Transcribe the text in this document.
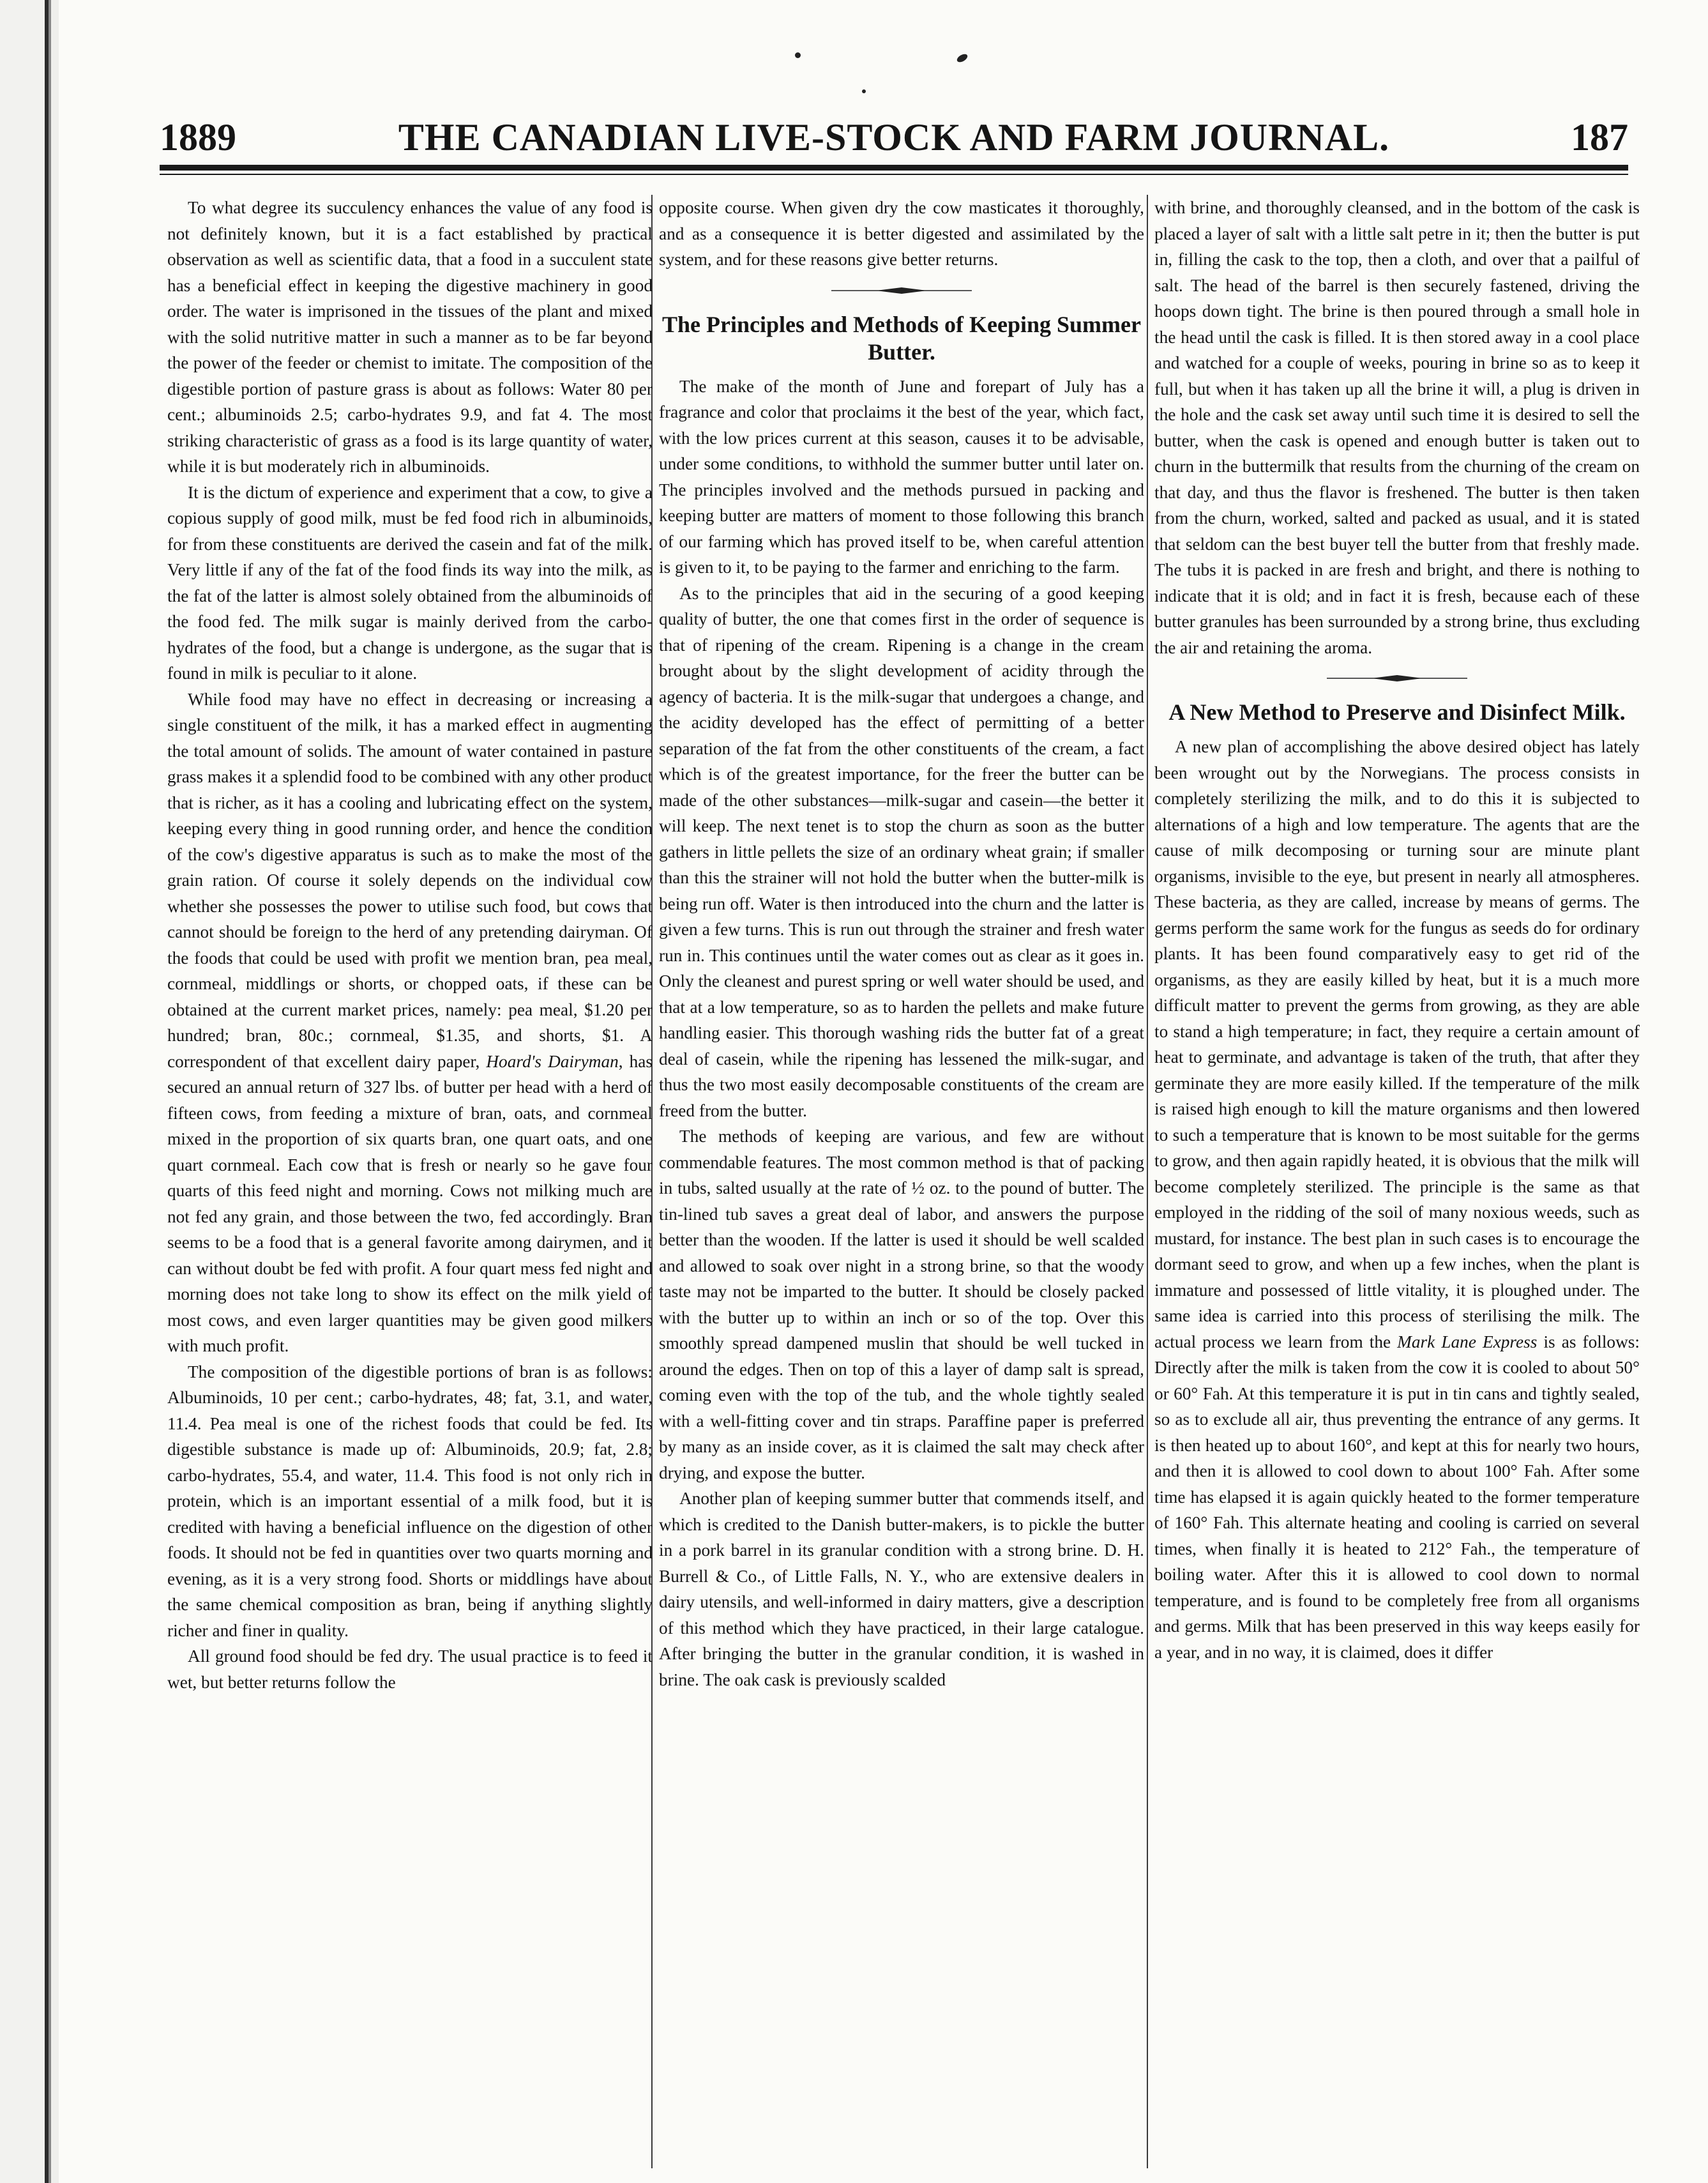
1889	THE CANADIAN LIVE-STOCK AND FARM JOURNAL.	187

To what degree its succulency enhances the value of any food is not definitely known, but it is a fact established by practical observation as well as scientific data, that a food in a succulent state has a beneficial effect in keeping the digestive machinery in good order. The water is imprisoned in the tissues of the plant and mixed with the solid nutritive matter in such a manner as to be far beyond the power of the feeder or chemist to imitate. The composition of the digestible portion of pasture grass is about as follows: Water 80 per cent.; albuminoids 2.5; carbo-hydrates 9.9, and fat 4. The most striking characteristic of grass as a food is its large quantity of water, while it is but moderately rich in albuminoids.

It is the dictum of experience and experiment that a cow, to give a copious supply of good milk, must be fed food rich in albuminoids, for from these constituents are derived the casein and fat of the milk. Very little if any of the fat of the food finds its way into the milk, as the fat of the latter is almost solely obtained from the albuminoids of the food fed. The milk sugar is mainly derived from the carbo-hydrates of the food, but a change is undergone, as the sugar that is found in milk is peculiar to it alone.

While food may have no effect in decreasing or increasing a single constituent of the milk, it has a marked effect in augmenting the total amount of solids. The amount of water contained in pasture grass makes it a splendid food to be combined with any other product that is richer, as it has a cooling and lubricating effect on the system, keeping every thing in good running order, and hence the condition of the cow's digestive apparatus is such as to make the most of the grain ration. Of course it solely depends on the individual cow whether she possesses the power to utilise such food, but cows that cannot should be foreign to the herd of any pretending dairyman. Of the foods that could be used with profit we mention bran, pea meal, cornmeal, middlings or shorts, or chopped oats, if these can be obtained at the current market prices, namely: pea meal, $1.20 per hundred; bran, 80c.; cornmeal, $1.35, and shorts, $1. A correspondent of that excellent dairy paper, Hoard's Dairyman, has secured an annual return of 327 lbs. of butter per head with a herd of fifteen cows, from feeding a mixture of bran, oats, and cornmeal mixed in the proportion of six quarts bran, one quart oats, and one quart cornmeal. Each cow that is fresh or nearly so he gave four quarts of this feed night and morning. Cows not milking much are not fed any grain, and those between the two, fed accordingly. Bran seems to be a food that is a general favorite among dairymen, and it can without doubt be fed with profit. A four quart mess fed night and morning does not take long to show its effect on the milk yield of most cows, and even larger quantities may be given good milkers with much profit.

The composition of the digestible portions of bran is as follows: Albuminoids, 10 per cent.; carbo-hydrates, 48; fat, 3.1, and water, 11.4. Pea meal is one of the richest foods that could be fed. Its digestible substance is made up of: Albuminoids, 20.9; fat, 2.8; carbo-hydrates, 55.4, and water, 11.4. This food is not only rich in protein, which is an important essential of a milk food, but it is credited with having a beneficial influence on the digestion of other foods. It should not be fed in quantities over two quarts morning and evening, as it is a very strong food. Shorts or middlings have about the same chemical composition as bran, being if anything slightly richer and finer in quality.

All ground food should be fed dry. The usual practice is to feed it wet, but better returns follow the

opposite course. When given dry the cow masticates it thoroughly, and as a consequence it is better digested and assimilated by the system, and for these reasons give better returns.

The Principles and Methods of Keeping Summer Butter.

The make of the month of June and forepart of July has a fragrance and color that proclaims it the best of the year, which fact, with the low prices current at this season, causes it to be advisable, under some conditions, to withhold the summer butter until later on. The principles involved and the methods pursued in packing and keeping butter are matters of moment to those following this branch of our farming which has proved itself to be, when careful attention is given to it, to be paying to the farmer and enriching to the farm.

As to the principles that aid in the securing of a good keeping quality of butter, the one that comes first in the order of sequence is that of ripening of the cream. Ripening is a change in the cream brought about by the slight development of acidity through the agency of bacteria. It is the milk-sugar that undergoes a change, and the acidity developed has the effect of permitting of a better separation of the fat from the other constituents of the cream, a fact which is of the greatest importance, for the freer the butter can be made of the other substances—milk-sugar and casein—the better it will keep. The next tenet is to stop the churn as soon as the butter gathers in little pellets the size of an ordinary wheat grain; if smaller than this the strainer will not hold the butter when the butter-milk is being run off. Water is then introduced into the churn and the latter is given a few turns. This is run out through the strainer and fresh water run in. This continues until the water comes out as clear as it goes in. Only the cleanest and purest spring or well water should be used, and that at a low temperature, so as to harden the pellets and make future handling easier. This thorough washing rids the butter fat of a great deal of casein, while the ripening has lessened the milk-sugar, and thus the two most easily decomposable constituents of the cream are freed from the butter.

The methods of keeping are various, and few are without commendable features. The most common method is that of packing in tubs, salted usually at the rate of ½ oz. to the pound of butter. The tin-lined tub saves a great deal of labor, and answers the purpose better than the wooden. If the latter is used it should be well scalded and allowed to soak over night in a strong brine, so that the woody taste may not be imparted to the butter. It should be closely packed with the butter up to within an inch or so of the top. Over this smoothly spread dampened muslin that should be well tucked in around the edges. Then on top of this a layer of damp salt is spread, coming even with the top of the tub, and the whole tightly sealed with a well-fitting cover and tin straps. Paraffine paper is preferred by many as an inside cover, as it is claimed the salt may check after drying, and expose the butter.

Another plan of keeping summer butter that commends itself, and which is credited to the Danish butter-makers, is to pickle the butter in a pork barrel in its granular condition with a strong brine. D. H. Burrell & Co., of Little Falls, N. Y., who are extensive dealers in dairy utensils, and well-informed in dairy matters, give a description of this method which they have practiced, in their large catalogue. After bringing the butter in the granular condition, it is washed in brine. The oak cask is previously scalded

with brine, and thoroughly cleansed, and in the bottom of the cask is placed a layer of salt with a little salt petre in it; then the butter is put in, filling the cask to the top, then a cloth, and over that a pailful of salt. The head of the barrel is then securely fastened, driving the hoops down tight. The brine is then poured through a small hole in the head until the cask is filled. It is then stored away in a cool place and watched for a couple of weeks, pouring in brine so as to keep it full, but when it has taken up all the brine it will, a plug is driven in the hole and the cask set away until such time it is desired to sell the butter, when the cask is opened and enough butter is taken out to churn in the buttermilk that results from the churning of the cream on that day, and thus the flavor is freshened. The butter is then taken from the churn, worked, salted and packed as usual, and it is stated that seldom can the best buyer tell the butter from that freshly made. The tubs it is packed in are fresh and bright, and there is nothing to indicate that it is old; and in fact it is fresh, because each of these butter granules has been surrounded by a strong brine, thus excluding the air and retaining the aroma.

A New Method to Preserve and Disinfect Milk.

A new plan of accomplishing the above desired object has lately been wrought out by the Norwegians. The process consists in completely sterilizing the milk, and to do this it is subjected to alternations of a high and low temperature. The agents that are the cause of milk decomposing or turning sour are minute plant organisms, invisible to the eye, but present in nearly all atmospheres. These bacteria, as they are called, increase by means of germs. The germs perform the same work for the fungus as seeds do for ordinary plants. It has been found comparatively easy to get rid of the organisms, as they are easily killed by heat, but it is a much more difficult matter to prevent the germs from growing, as they are able to stand a high temperature; in fact, they require a certain amount of heat to germinate, and advantage is taken of the truth, that after they germinate they are more easily killed. If the temperature of the milk is raised high enough to kill the mature organisms and then lowered to such a temperature that is known to be most suitable for the germs to grow, and then again rapidly heated, it is obvious that the milk will become completely sterilized. The principle is the same as that employed in the ridding of the soil of many noxious weeds, such as mustard, for instance. The best plan in such cases is to encourage the dormant seed to grow, and when up a few inches, when the plant is immature and possessed of little vitality, it is ploughed under. The same idea is carried into this process of sterilising the milk. The actual process we learn from the Mark Lane Express is as follows: Directly after the milk is taken from the cow it is cooled to about 50° or 60° Fah. At this temperature it is put in tin cans and tightly sealed, so as to exclude all air, thus preventing the entrance of any germs. It is then heated up to about 160°, and kept at this for nearly two hours, and then it is allowed to cool down to about 100° Fah. After some time has elapsed it is again quickly heated to the former temperature of 160° Fah. This alternate heating and cooling is carried on several times, when finally it is heated to 212° Fah., the temperature of boiling water. After this it is allowed to cool down to normal temperature, and is found to be completely free from all organisms and germs. Milk that has been preserved in this way keeps easily for a year, and in no way, it is claimed, does it differ
